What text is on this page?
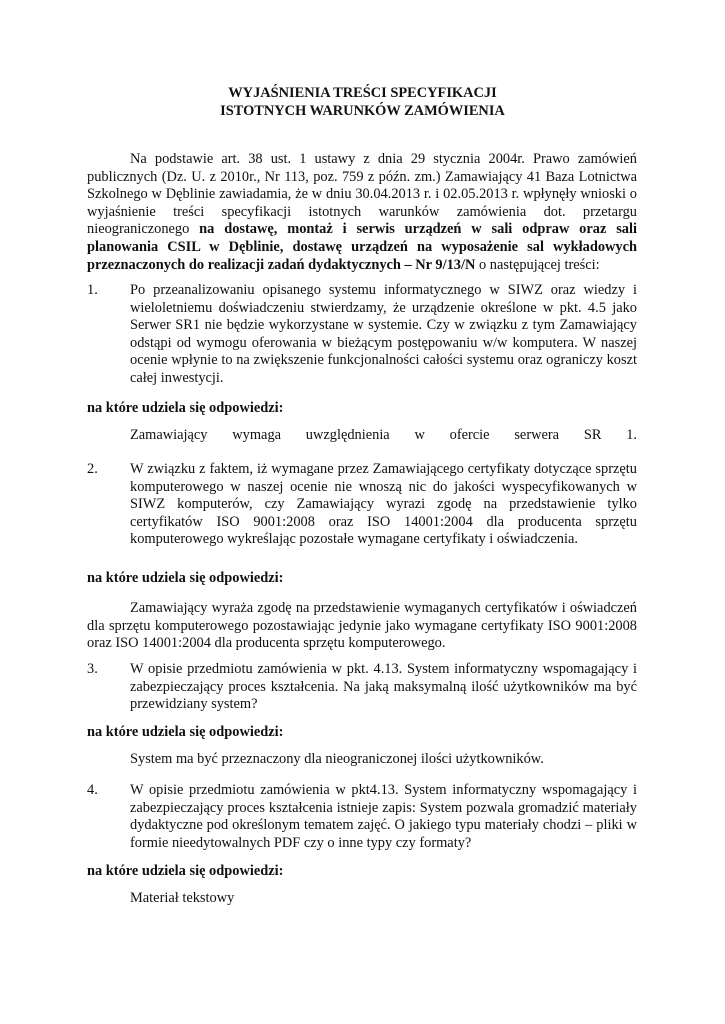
WYJAŚNIENIA TREŚCI SPECYFIKACJI
ISTOTNYCH WARUNKÓW ZAMÓWIENIA
Na podstawie art. 38 ust. 1 ustawy z dnia 29 stycznia 2004r. Prawo zamówień publicznych (Dz. U. z 2010r., Nr 113, poz. 759 z późn. zm.) Zamawiający 41 Baza Lotnictwa Szkolnego w Dęblinie zawiadamia, że w dniu 30.04.2013 r. i 02.05.2013 r. wpłynęły wnioski o wyjaśnienie treści specyfikacji istotnych warunków zamówienia dot. przetargu nieograniczonego na dostawę, montaż i serwis urządzeń w sali odpraw oraz sali planowania CSIL w Dęblinie, dostawę urządzeń na wyposażenie sal wykładowych przeznaczonych do realizacji zadań dydaktycznych – Nr 9/13/N o następującej treści:
1.	Po przeanalizowaniu opisanego systemu informatycznego w SIWZ oraz wiedzy i wieloletniemu doświadczeniu stwierdzamy, że urządzenie określone w pkt. 4.5 jako Serwer SR1 nie będzie wykorzystane w systemie. Czy w związku z tym Zamawiający odstąpi od wymogu oferowania w bieżącym postępowaniu w/w komputera. W naszej ocenie wpłynie to na zwiększenie funkcjonalności całości systemu oraz ograniczy koszt całej inwestycji.
na które udziela się odpowiedzi:
Zamawiający wymaga uwzględnienia w ofercie serwera SR 1.
2.	W związku z faktem, iż wymagane przez Zamawiającego certyfikaty dotyczące sprzętu komputerowego w naszej ocenie nie wnoszą nic do jakości wyspecyfikowanych w SIWZ komputerów, czy Zamawiający wyrazi zgodę na przedstawienie tylko certyfikatów ISO 9001:2008 oraz ISO 14001:2004 dla producenta sprzętu komputerowego wykreślając pozostałe wymagane certyfikaty i oświadczenia.
na które udziela się odpowiedzi:
Zamawiający wyraża zgodę na przedstawienie wymaganych certyfikatów i oświadczeń dla sprzętu komputerowego pozostawiając jedynie jako wymagane certyfikaty ISO 9001:2008 oraz ISO 14001:2004 dla producenta sprzętu komputerowego.
3.	W opisie przedmiotu zamówienia w pkt. 4.13. System informatyczny wspomagający i zabezpieczający proces kształcenia. Na jaką maksymalną ilość użytkowników ma być przewidziany system?
na które udziela się odpowiedzi:
System ma być przeznaczony dla nieograniczonej ilości użytkowników.
4.	W opisie przedmiotu zamówienia w pkt4.13. System informatyczny wspomagający i zabezpieczający proces kształcenia istnieje zapis: System pozwala gromadzić materiały dydaktyczne pod określonym tematem zajęć. O jakiego typu materiały chodzi – pliki w formie nieedytowalnych PDF czy o inne typy czy formaty?
na które udziela się odpowiedzi:
Materiał tekstowy
